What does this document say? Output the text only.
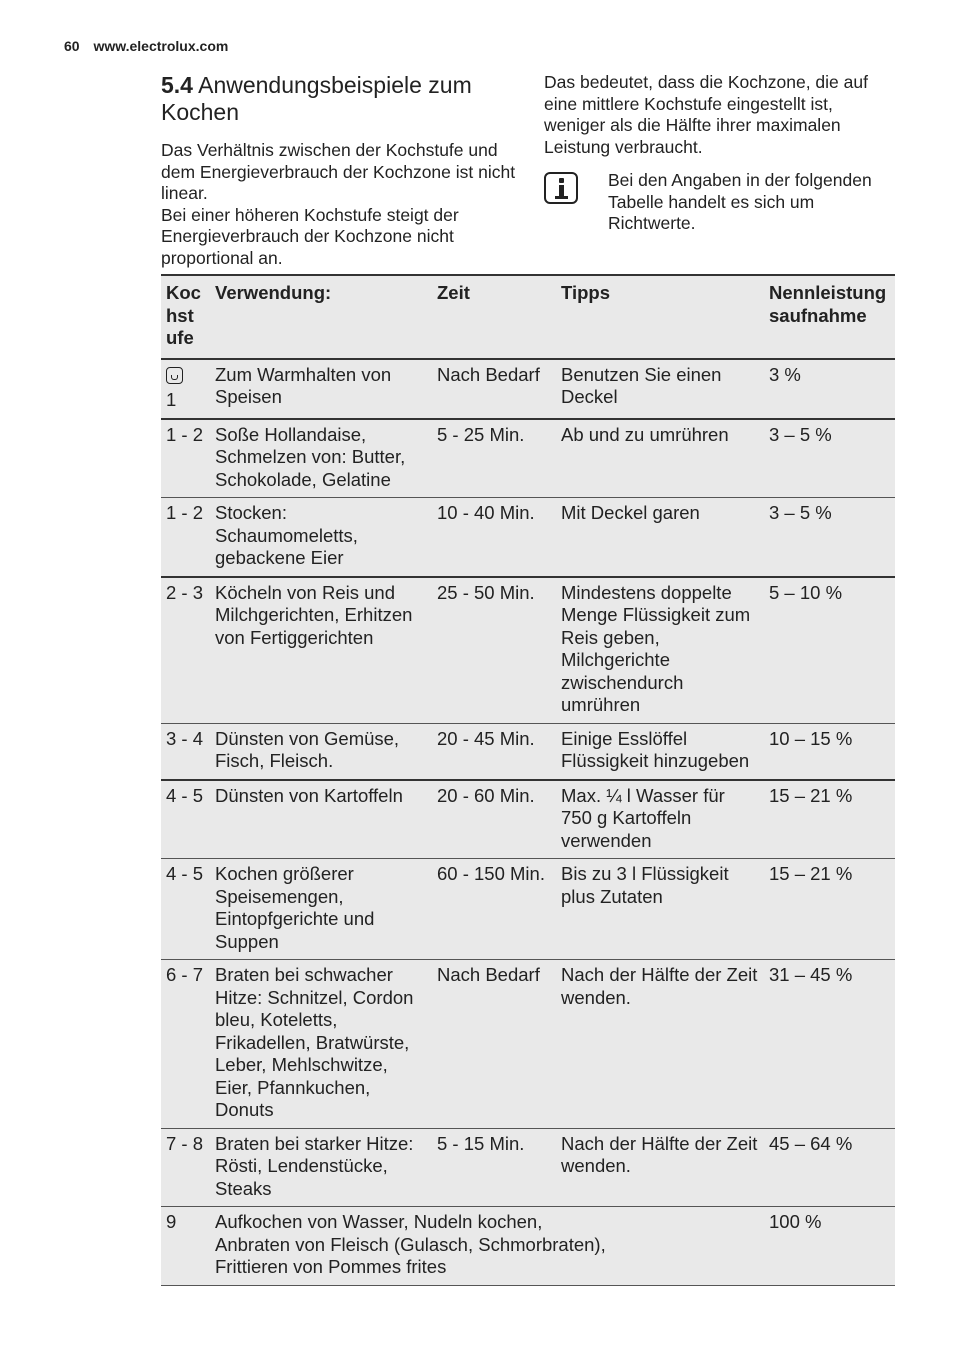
60 www.electrolux.com
5.4 Anwendungsbeispiele zum Kochen

Das Verhältnis zwischen der Kochstufe und dem Energieverbrauch der Kochzone ist nicht linear.

Bei einer höheren Kochstufe steigt der Energieverbrauch der Kochzone nicht proportional an.

Das bedeutet, dass die Kochzone, die auf eine mittlere Kochstufe eingestellt ist, weniger als die Hälfte ihrer maximalen Leistung verbraucht.

Bei den Angaben in der folgenden Tabelle handelt es sich um Richtwerte.
Kochstufe	Verwendung:	Zeit	Tipps	Nennleistungsaufnahme

1	Zum Warmhalten von Speisen	Nach Bedarf	Benutzen Sie einen Deckel	3 %
1 - 2	Soße Hollandaise, Schmelzen von: Butter, Schokolade, Gelatine	5 - 25 Min.	Ab und zu umrühren	3 – 5 %
1 - 2	Stocken: Schaumomeletts, gebackene Eier	10 - 40 Min.	Mit Deckel garen	3 – 5 %
2 - 3	Köcheln von Reis und Milchgerichten, Erhitzen von Fertiggerichten	25 - 50 Min.	Mindestens doppelte Menge Flüssigkeit zum Reis geben, Milchgerichte zwischendurch umrühren	5 – 10 %
3 - 4	Dünsten von Gemüse, Fisch, Fleisch.	20 - 45 Min.	Einige Esslöffel Flüssigkeit hinzugeben	10 – 15 %
4 - 5	Dünsten von Kartoffeln	20 - 60 Min.	Max. ¼ l Wasser für 750 g Kartoffeln verwenden	15 – 21 %
4 - 5	Kochen größerer Speisemengen, Eintopfgerichte und Suppen	60 - 150 Min.	Bis zu 3 l Flüssigkeit plus Zutaten	15 – 21 %
6 - 7	Braten bei schwacher Hitze: Schnitzel, Cordon bleu, Koteletts, Frikadellen, Bratwürste, Leber, Mehlschwitze, Eier, Pfannkuchen, Donuts	Nach Bedarf	Nach der Hälfte der Zeit wenden.	31 – 45 %
7 - 8	Braten bei starker Hitze: Rösti, Lendenstücke, Steaks	5 - 15 Min.	Nach der Hälfte der Zeit wenden.	45 – 64 %
9	Aufkochen von Wasser, Nudeln kochen, Anbraten von Fleisch (Gulasch, Schmorbraten), Frittieren von Pommes frites			100 %
